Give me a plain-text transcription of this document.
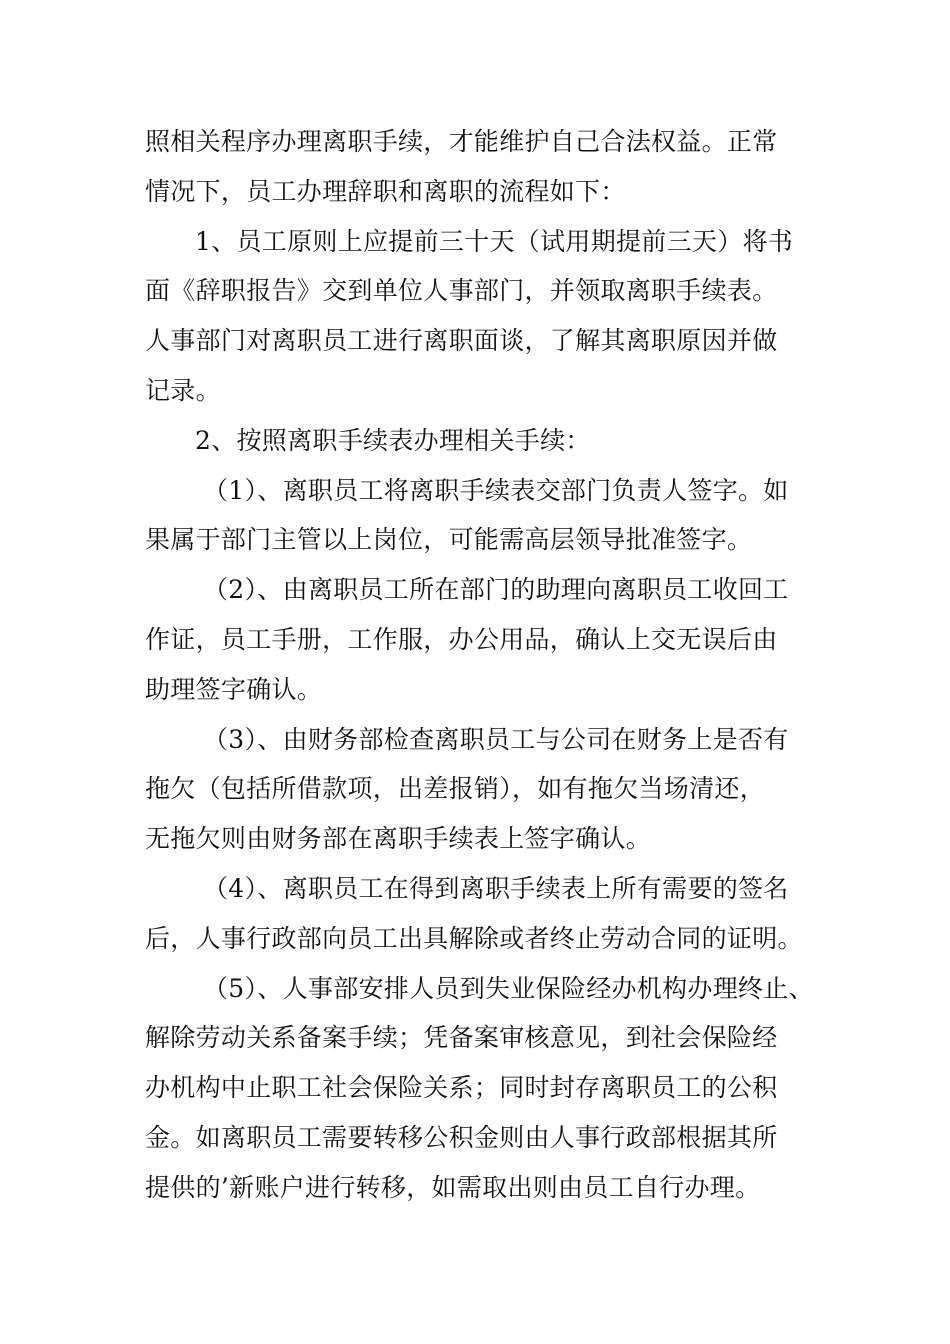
照相关程序办理离职手续，才能维护自己合法权益。正常
情况下，员工办理辞职和离职的流程如下：
1、员工原则上应提前三十天（试用期提前三天）将书
面《辞职报告》交到单位人事部门，并领取离职手续表。
人事部门对离职员工进行离职面谈，了解其离职原因并做
记录。
2、按照离职手续表办理相关手续：
（1）、离职员工将离职手续表交部门负责人签字。如
果属于部门主管以上岗位，可能需高层领导批准签字。
（2）、由离职员工所在部门的助理向离职员工收回工
作证，员工手册，工作服，办公用品，确认上交无误后由
助理签字确认。
（3）、由财务部检查离职员工与公司在财务上是否有
拖欠（包括所借款项，出差报销），如有拖欠当场清还，
无拖欠则由财务部在离职手续表上签字确认。
（4）、离职员工在得到离职手续表上所有需要的签名
后，人事行政部向员工出具解除或者终止劳动合同的证明。
（5）、人事部安排人员到失业保险经办机构办理终止、
解除劳动关系备案手续；凭备案审核意见，到社会保险经
办机构中止职工社会保险关系；同时封存离职员工的公积
金。如离职员工需要转移公积金则由人事行政部根据其所
提供的’新账户进行转移，如需取出则由员工自行办理。
